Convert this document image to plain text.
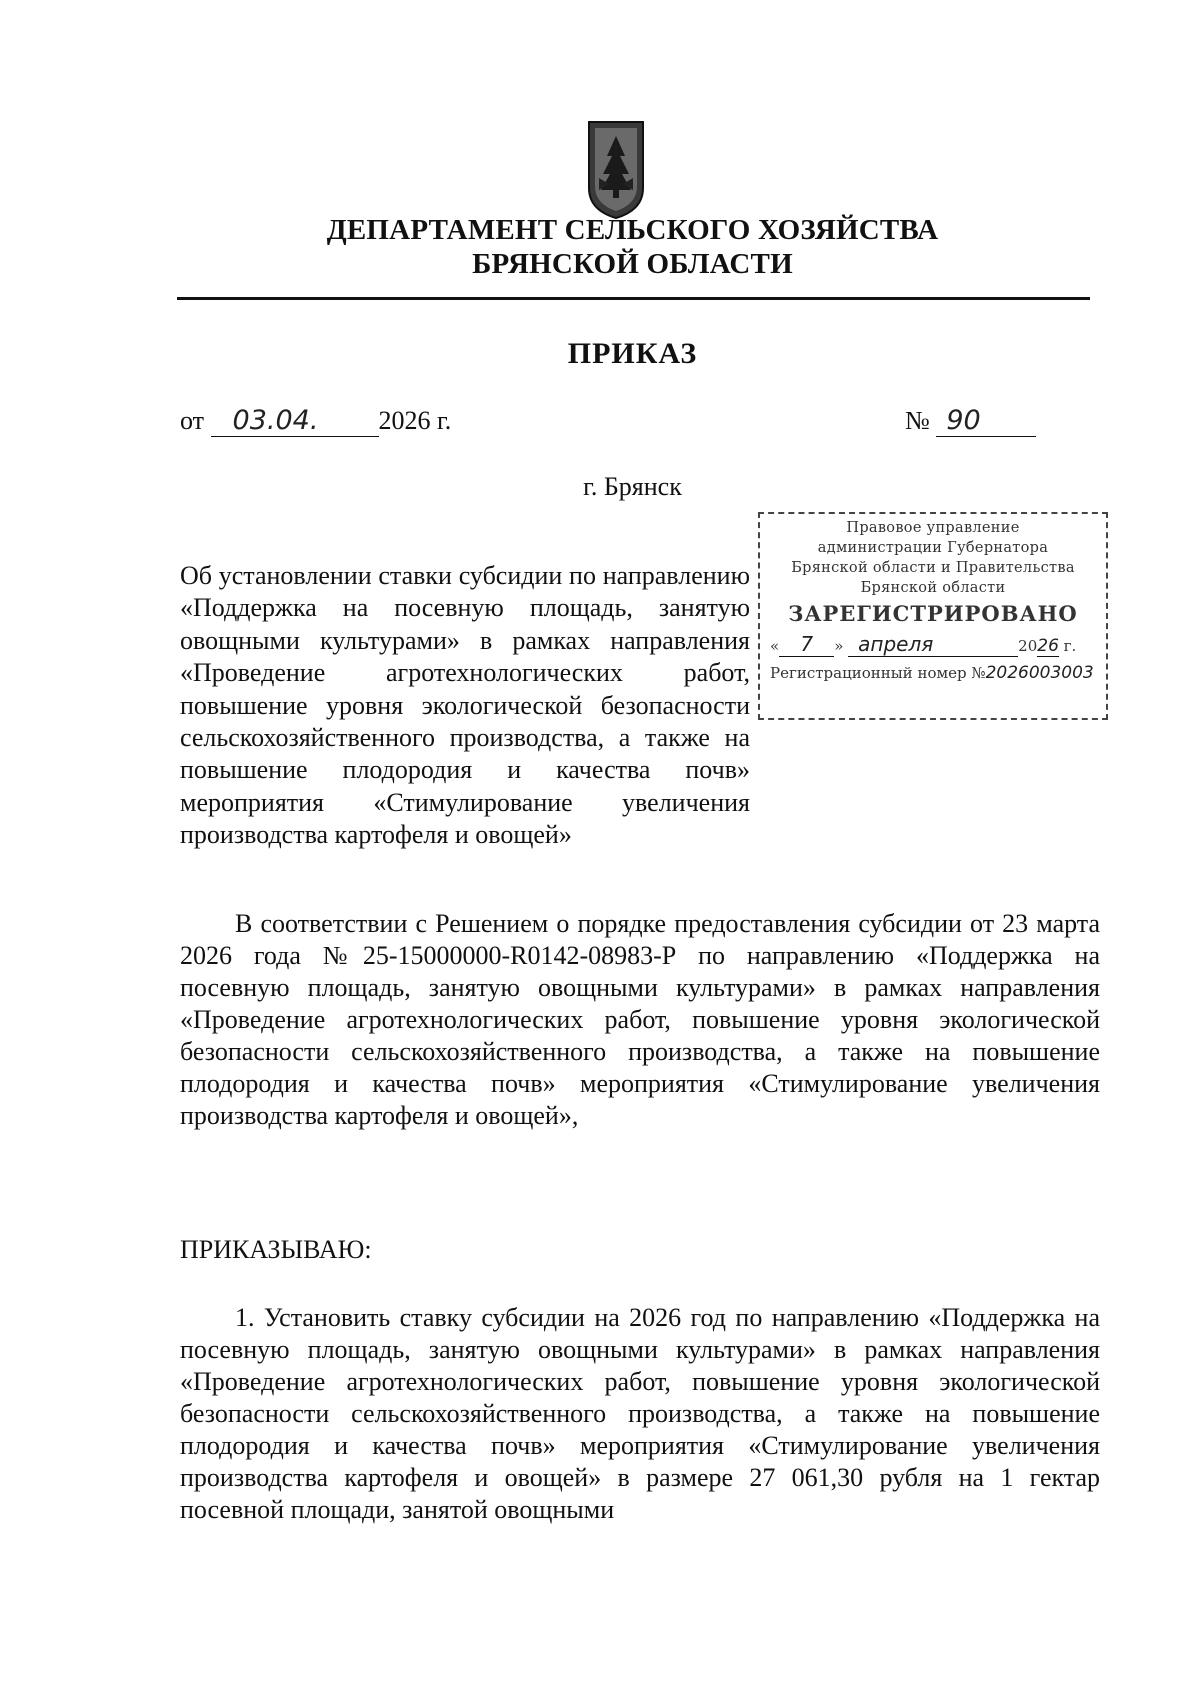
ДЕПАРТАМЕНТ СЕЛЬСКОГО ХОЗЯЙСТВА
БРЯНСКОЙ ОБЛАСТИ
ПРИКАЗ
от 03.04. 2026 г.	№ 90
г. Брянск
Правовое управление
администрации Губернатора
Брянской области и Правительства
Брянской области
ЗАРЕГИСТРИРОВАНО
« 7 » апреля	2026 г.
Регистрационный номер №2026003003
Об установлении ставки субсидии по направлению «Поддержка на посевную площадь, занятую овощными культурами» в рамках направления «Проведение агротехнологических работ, повышение уровня экологической безопасности сельскохозяйственного производства, а также на повышение плодородия и качества почв» мероприятия «Стимулирование увеличения производства картофеля и овощей»
В соответствии с Решением о порядке предоставления субсидии от 23 марта 2026 года №25-15000000-R0142-08983-Р по направлению «Поддержка на посевную площадь, занятую овощными культурами» в рамках направления «Проведение агротехнологических работ, повышение уровня экологической безопасности сельскохозяйственного производства, а также на повышение плодородия и качества почв» мероприятия «Стимулирование увеличения производства картофеля и овощей»,
ПРИКАЗЫВАЮ:
1. Установить ставку субсидии на 2026 год по направлению «Поддержка на посевную площадь, занятую овощными культурами» в рамках направления «Проведение агротехнологических работ, повышение уровня экологической безопасности сельскохозяйственного производства, а также на повышение плодородия и качества почв» мероприятия «Стимулирование увеличения производства картофеля и овощей» в размере 27 061,30 рубля на 1 гектар посевной площади, занятой овощными
